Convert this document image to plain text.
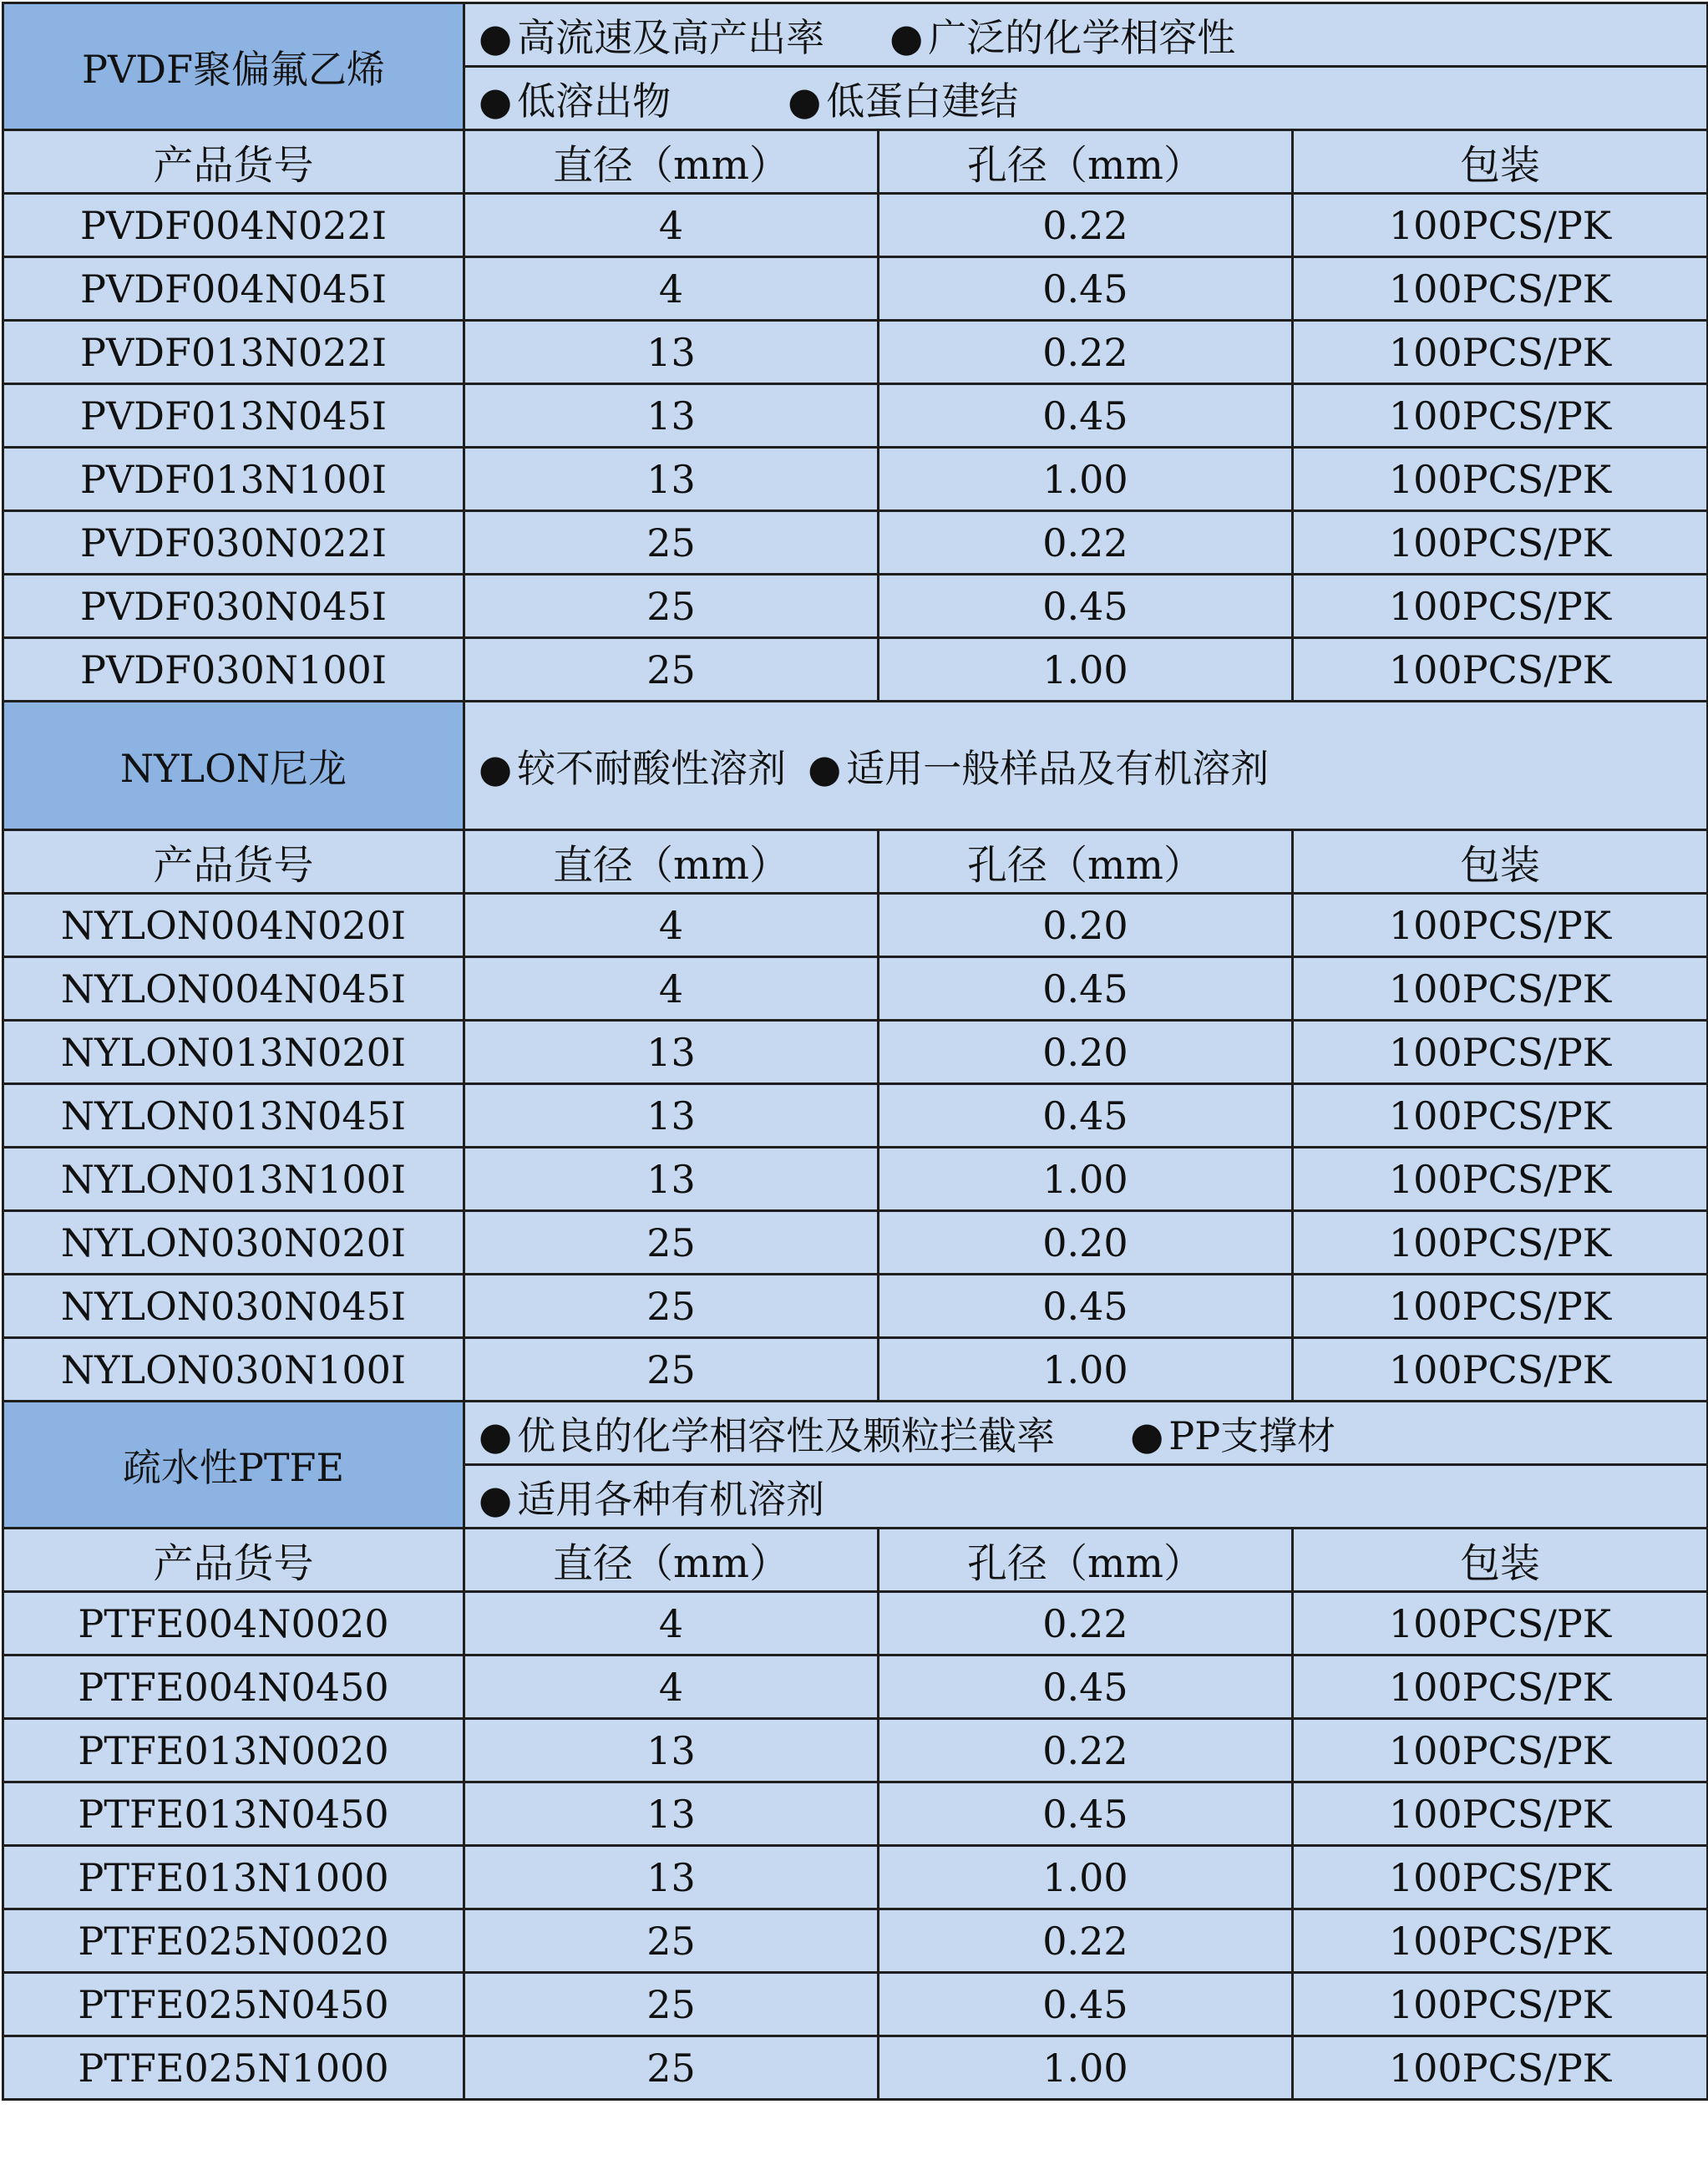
PVDF聚偏氟乙烯	● 高流速及高产出率 ● 广泛的化学相容性		
	● 低溶出物 ● 低蛋白建结		
产品货号	直径（mm）	孔径（mm）	包装
PVDF004N022I	4	0.22	100PCS/PK
PVDF004N045I	4	0.45	100PCS/PK
PVDF013N022I	13	0.22	100PCS/PK
PVDF013N045I	13	0.45	100PCS/PK
PVDF013N100I	13	1.00	100PCS/PK
PVDF030N022I	25	0.22	100PCS/PK
PVDF030N045I	25	0.45	100PCS/PK
PVDF030N100I	25	1.00	100PCS/PK
NYLON尼龙	● 较不耐酸性溶剂 ● 适用一般样品及有机溶剂		
产品货号	直径（mm）	孔径（mm）	包装
NYLON004N020I	4	0.20	100PCS/PK
NYLON004N045I	4	0.45	100PCS/PK
NYLON013N020I	13	0.20	100PCS/PK
NYLON013N045I	13	0.45	100PCS/PK
NYLON013N100I	13	1.00	100PCS/PK
NYLON030N020I	25	0.20	100PCS/PK
NYLON030N045I	25	0.45	100PCS/PK
NYLON030N100I	25	1.00	100PCS/PK
疏水性PTFE	● 优良的化学相容性及颗粒拦截率 ● PP支撑材		
	● 适用各种有机溶剂		
产品货号	直径（mm）	孔径（mm）	包装
PTFE004N0020	4	0.22	100PCS/PK
PTFE004N0450	4	0.45	100PCS/PK
PTFE013N0020	13	0.22	100PCS/PK
PTFE013N0450	13	0.45	100PCS/PK
PTFE013N1000	13	1.00	100PCS/PK
PTFE025N0020	25	0.22	100PCS/PK
PTFE025N0450	25	0.45	100PCS/PK
PTFE025N1000	25	1.00	100PCS/PK
